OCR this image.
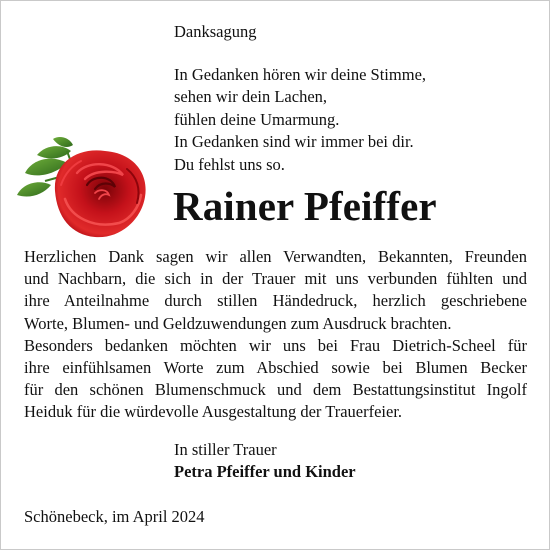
Danksagung

In Gedanken hören wir deine Stimme,
sehen wir dein Lachen,
fühlen deine Umarmung.
In Gedanken sind wir immer bei dir.
Du fehlst uns so.
Rainer Pfeiffer
Herzlichen Dank sagen wir allen Verwandten, Bekannten, Freunden
und Nachbarn, die sich in der Trauer mit uns verbunden fühlten und
ihre Anteilnahme durch stillen Händedruck, herzlich geschriebene
Worte, Blumen- und Geldzuwendungen zum Ausdruck brachten.
Besonders bedanken möchten wir uns bei Frau Dietrich-Scheel für
ihre einfühlsamen Worte zum Abschied sowie bei Blumen Becker
für den schönen Blumenschmuck und dem Bestattungsinstitut Ingolf
Heiduk für die würdevolle Ausgestaltung der Trauerfeier.

In stiller Trauer

Petra Pfeiffer und Kinder

Schönebeck, im April 2024
